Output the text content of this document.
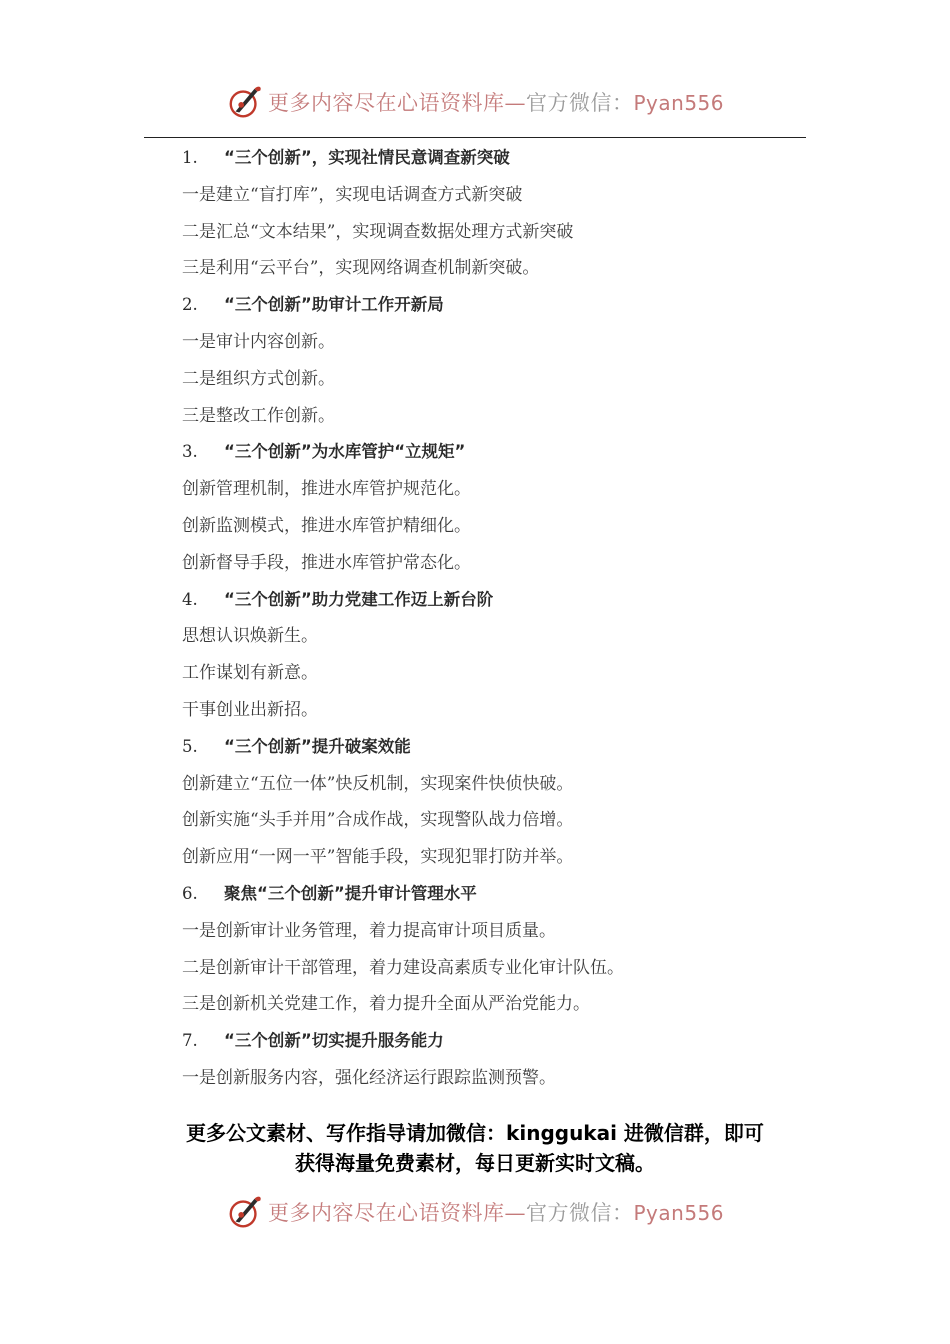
更多内容尽在心语资料库—官方微信：Pyan556
1. “三个创新”，实现社情民意调查新突破
一是建立“盲打库”，实现电话调查方式新突破
二是汇总“文本结果”，实现调查数据处理方式新突破
三是利用“云平台”，实现网络调查机制新突破。
2. “三个创新”助审计工作开新局
一是审计内容创新。
二是组织方式创新。
三是整改工作创新。
3. “三个创新”为水库管护“立规矩”
创新管理机制，推进水库管护规范化。
创新监测模式，推进水库管护精细化。
创新督导手段，推进水库管护常态化。
4. “三个创新”助力党建工作迈上新台阶
思想认识焕新生。
工作谋划有新意。
干事创业出新招。
5. “三个创新”提升破案效能
创新建立“五位一体”快反机制，实现案件快侦快破。
创新实施“头手并用”合成作战，实现警队战力倍增。
创新应用“一网一平”智能手段，实现犯罪打防并举。
6. 聚焦“三个创新”提升审计管理水平
一是创新审计业务管理，着力提高审计项目质量。
二是创新审计干部管理，着力建设高素质专业化审计队伍。
三是创新机关党建工作，着力提升全面从严治党能力。
7. “三个创新”切实提升服务能力
一是创新服务内容，强化经济运行跟踪监测预警。
更多公文素材、写作指导请加微信：kinggukai 进微信群，即可
获得海量免费素材，每日更新实时文稿。
更多内容尽在心语资料库—官方微信：Pyan556
